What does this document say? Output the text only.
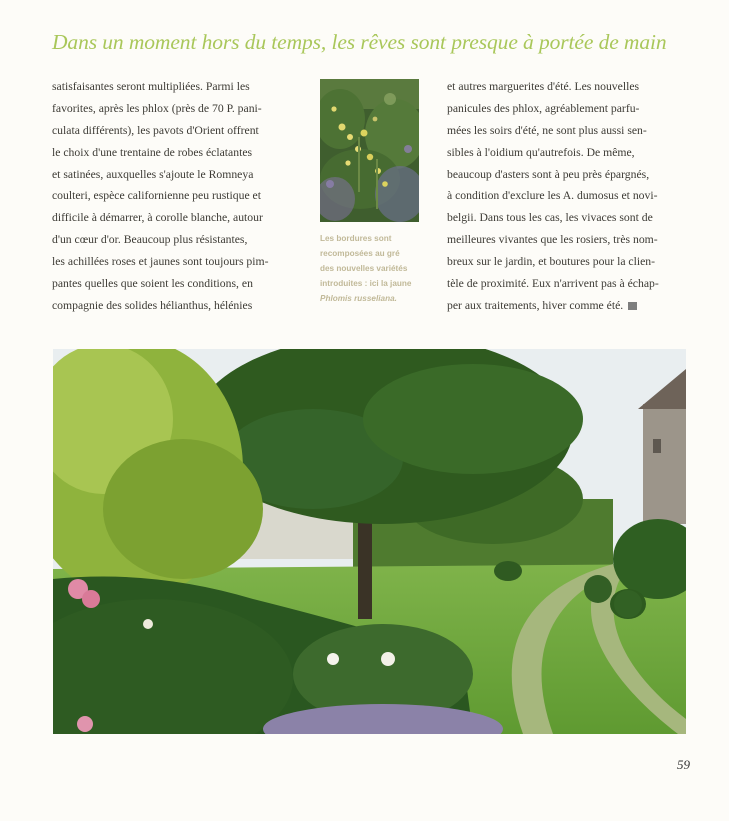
Dans un moment hors du temps, les rêves sont presque à portée de main
satisfaisantes seront multipliées. Parmi les
favorites, après les phlox (près de 70 P. pani-
culata différents), les pavots d'Orient offrent
le choix d'une trentaine de robes éclatantes
et satinées, auxquelles s'ajoute le Romneya
coulteri, espèce californienne peu rustique et
difficile à démarrer, à corolle blanche, autour
d'un cœur d'or. Beaucoup plus résistantes,
les achillées roses et jaunes sont toujours pim-
pantes quelles que soient les conditions, en
compagnie des solides hélianthus, hélénies
Les bordures sont
recomposées au gré
des nouvelles variétés
introduites : ici la jaune
Phlomis russeliana.
et autres marguerites d'été. Les nouvelles
panicules des phlox, agréablement parfu-
mées les soirs d'été, ne sont plus aussi sen-
sibles à l'oidium qu'autrefois. De même,
beaucoup d'asters sont à peu près épargnés,
à condition d'exclure les A. dumosus et novi-
belgii. Dans tous les cas, les vivaces sont de
meilleures vivantes que les rosiers, très nom-
breux sur le jardin, et boutures pour la clien-
tèle de proximité. Eux n'arrivent pas à échap-
per aux traitements, hiver comme été.
59
